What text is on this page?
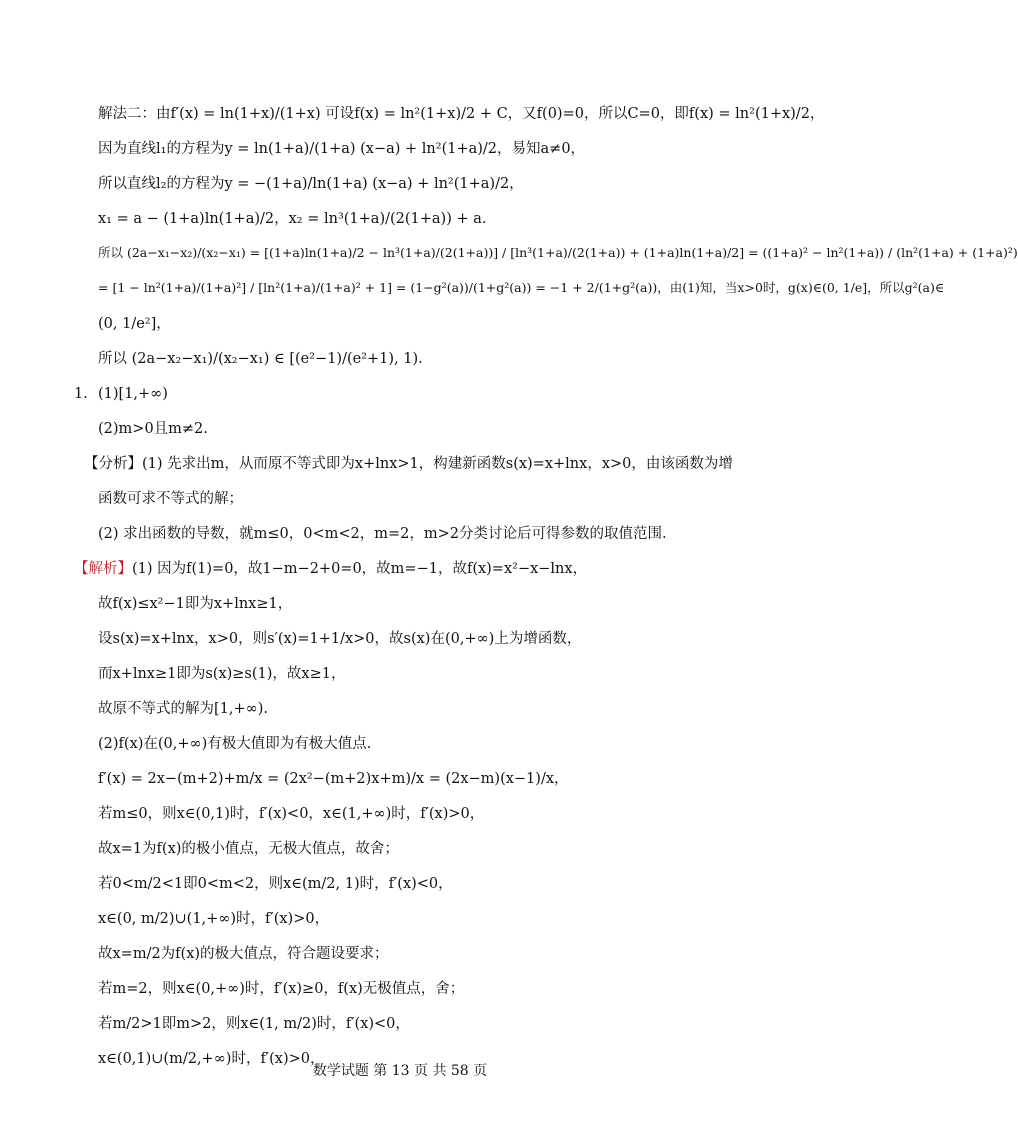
解法二：由f′(x) = ln(1+x)/(1+x) 可设f(x) = ln²(1+x)/2 + C，又f(0)=0，所以C=0，即f(x) = ln²(1+x)/2，
因为直线l₁的方程为y = ln(1+a)/(1+a) (x−a) + ln²(1+a)/2，易知a≠0，
所以直线l₂的方程为y = −(1+a)/ln(1+a) (x−a) + ln²(1+a)/2，
x₁ = a − (1+a)ln(1+a)/2，x₂ = ln³(1+a)/(2(1+a)) + a.
所以 (2a−x₁−x₂)/(x₂−x₁) = [(1+a)ln(1+a)/2 − ln³(1+a)/(2(1+a))] / [ln³(1+a)/(2(1+a)) + (1+a)ln(1+a)/2] = ((1+a)² − ln²(1+a)) / (ln²(1+a) + (1+a)²)
= [1 − ln²(1+a)/(1+a)²] / [ln²(1+a)/(1+a)² + 1] = (1−g²(a))/(1+g²(a)) = −1 + 2/(1+g²(a))，由(1)知，当x>0时，g(x)∈(0, 1/e]，所以g²(a)∈
(0, 1/e²]，
所以 (2a−x₂−x₁)/(x₂−x₁) ∈ [(e²−1)/(e²+1), 1).
1. (1)[1,+∞)
(2)m>0且m≠2.
【分析】(1) 先求出m，从而原不等式即为x+lnx>1，构建新函数s(x)=x+lnx，x>0，由该函数为增
函数可求不等式的解；
(2) 求出函数的导数，就m≤0，0<m<2，m=2，m>2分类讨论后可得参数的取值范围.
【解析】(1) 因为f(1)=0，故1−m−2+0=0，故m=−1，故f(x)=x²−x−lnx，
故f(x)≤x²−1即为x+lnx≥1，
设s(x)=x+lnx，x>0，则s′(x)=1+1/x>0，故s(x)在(0,+∞)上为增函数，
而x+lnx≥1即为s(x)≥s(1)，故x≥1，
故原不等式的解为[1,+∞).
(2)f(x)在(0,+∞)有极大值即为有极大值点.
f′(x) = 2x−(m+2)+m/x = (2x²−(m+2)x+m)/x = (2x−m)(x−1)/x，
若m≤0，则x∈(0,1)时，f′(x)<0，x∈(1,+∞)时，f′(x)>0，
故x=1为f(x)的极小值点，无极大值点，故舍；
若0<m/2<1即0<m<2，则x∈(m/2, 1)时，f′(x)<0，
x∈(0, m/2)∪(1,+∞)时，f′(x)>0，
故x=m/2为f(x)的极大值点，符合题设要求；
若m=2，则x∈(0,+∞)时，f′(x)≥0，f(x)无极值点，舍；
若m/2>1即m>2，则x∈(1, m/2)时，f′(x)<0，
x∈(0,1)∪(m/2,+∞)时，f′(x)>0，
数学试题 第 13 页 共 58 页
